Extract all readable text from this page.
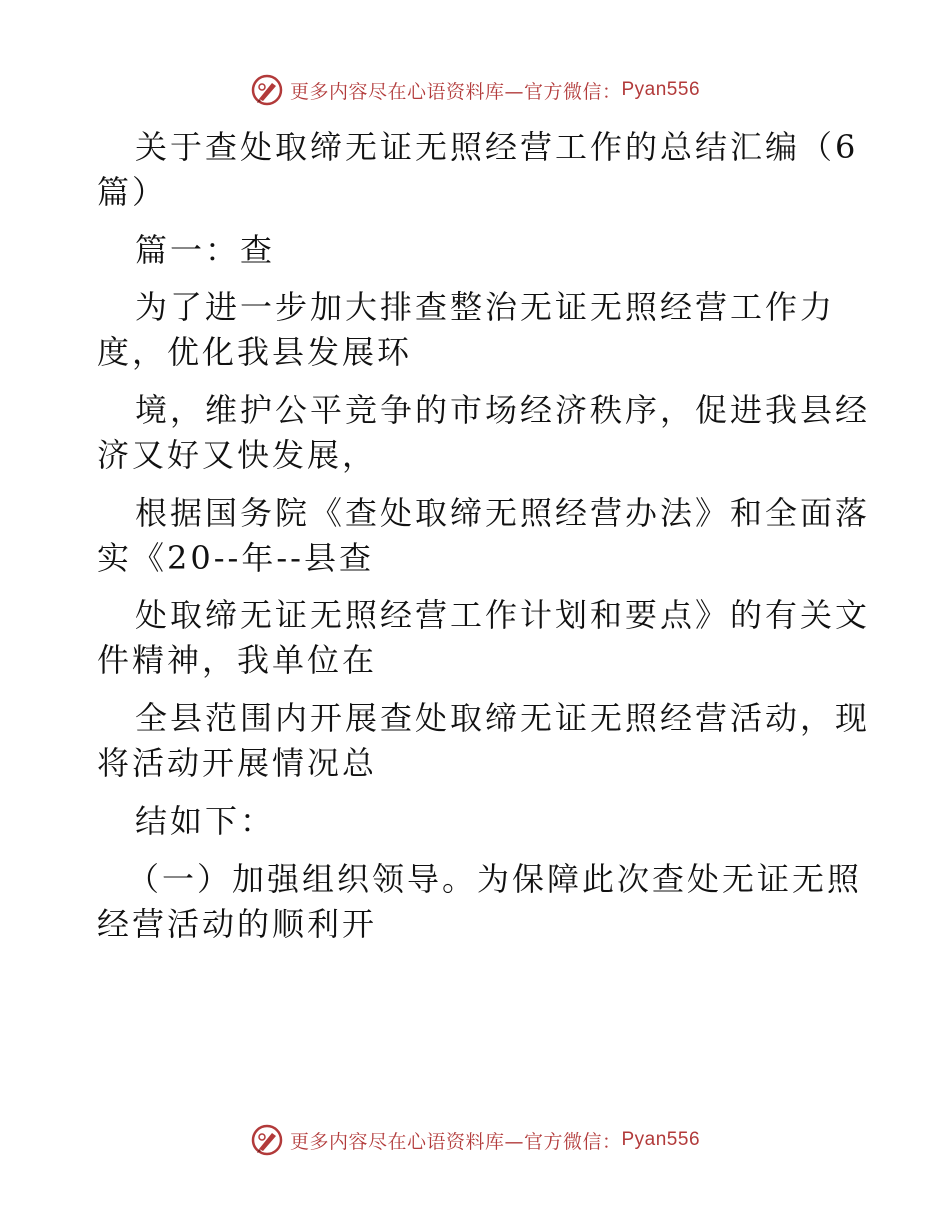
更多内容尽在心语资料库—官方微信： Pyan556
关于查处取缔无证无照经营工作的总结汇编（6
篇）
篇一：查
为了进一步加大排查整治无证无照经营工作力
度，优化我县发展环
境，维护公平竞争的市场经济秩序，促进我县经
济又好又快发展，
根据国务院《查处取缔无照经营办法》和全面落
实《20--年--县查
处取缔无证无照经营工作计划和要点》的有关文
件精神，我单位在
全县范围内开展查处取缔无证无照经营活动，现
将活动开展情况总
结如下：
（一）加强组织领导。为保障此次查处无证无照
经营活动的顺利开
更多内容尽在心语资料库—官方微信： Pyan556
